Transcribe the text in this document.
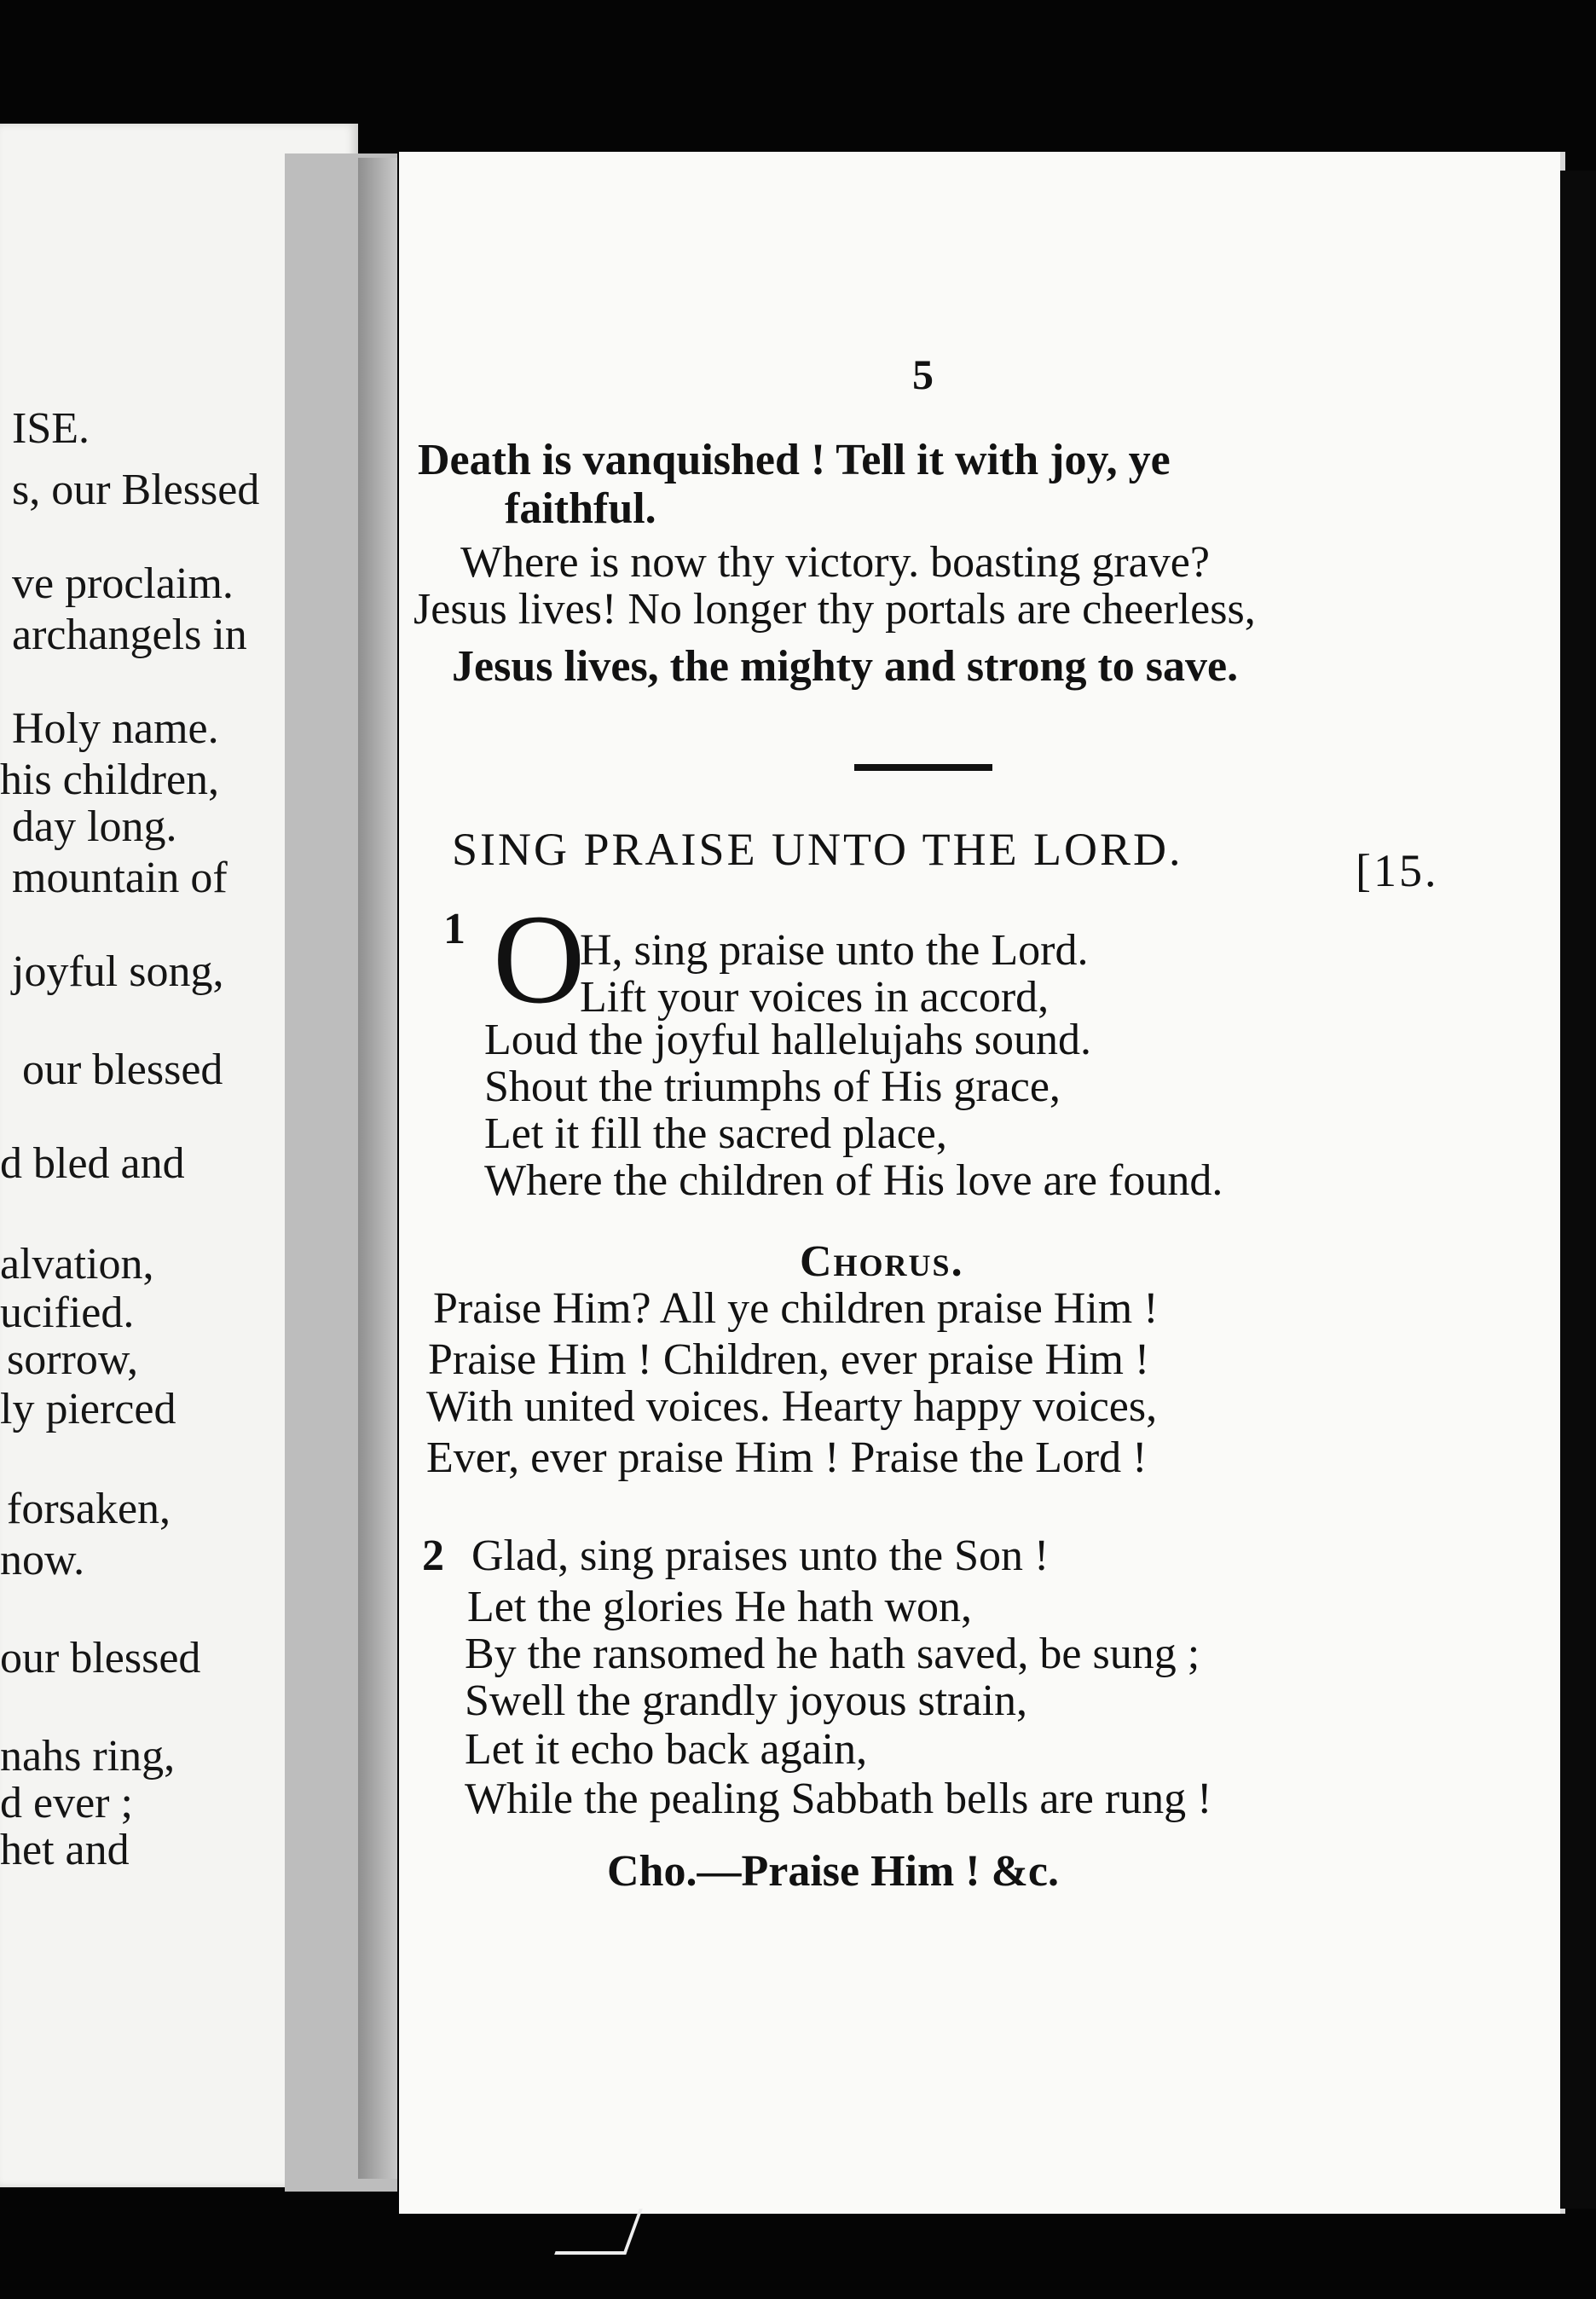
ISE.
s, our Blessed
ve proclaim.
archangels in
Holy name.
his children,
day long.
mountain of
joyful song,
our blessed
d bled and
alvation,
ucified.
sorrow,
ly pierced
forsaken,
now.
our blessed
nahs ring,
d ever ;
het and
5
Death is vanquished ! Tell it with joy, ye
faithful.
Where is now thy victory. boasting grave?
Jesus lives! No longer thy portals are cheerless,
Jesus lives, the mighty and strong to save.
SING PRAISE UNTO THE LORD.	[15.
1 O
H, sing praise unto the Lord.
Lift your voices in accord,
Loud the joyful hallelujahs sound.
Shout the triumphs of His grace,
Let it fill the sacred place,
Where the children of His love are found.
Chorus.
Praise Him? All ye children praise Him !
Praise Him ! Children, ever praise Him !
With united voices. Hearty happy voices,
Ever, ever praise Him ! Praise the Lord !
2 Glad, sing praises unto the Son !
Let the glories He hath won,
By the ransomed he hath saved, be sung ;
Swell the grandly joyous strain,
Let it echo back again,
While the pealing Sabbath bells are rung !
Cho.—Praise Him ! &c.
